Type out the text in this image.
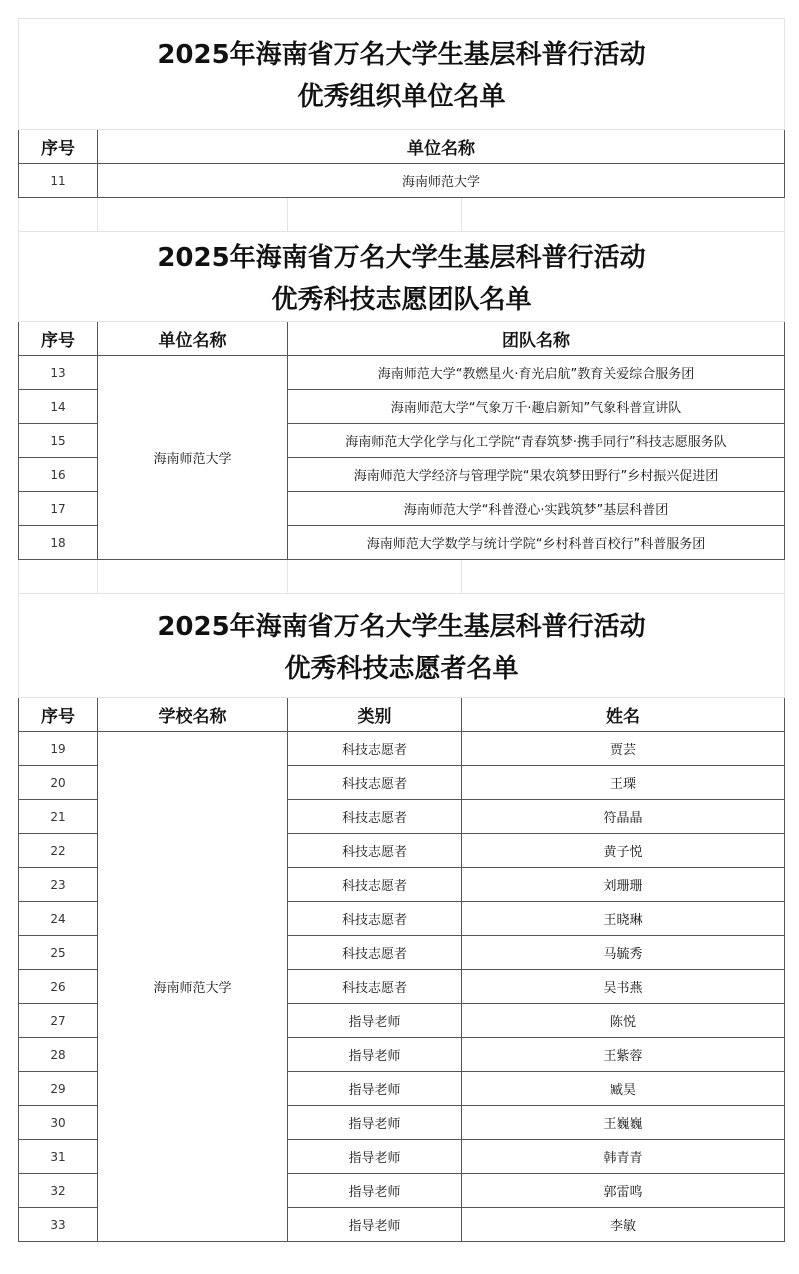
2025年海南省万名大学生基层科普行活动
优秀组织单位名单			

序号	单位名称		
11	海南师范大学		

2025年海南省万名大学生基层科普行活动
优秀科技志愿团队名单			

序号	单位名称	团队名称	
13	海南师范大学	海南师范大学“教燃星火·育光启航”教育关爱综合服务团	
14		海南师范大学“气象万千·趣启新知”气象科普宣讲队	
15		海南师范大学化学与化工学院“青春筑梦·携手同行”科技志愿服务队	
16		海南师范大学经济与管理学院“果农筑梦田野行”乡村振兴促进团	
17		海南师范大学“科普澄心·实践筑梦”基层科普团	
18		海南师范大学数学与统计学院“乡村科普百校行”科普服务团	

2025年海南省万名大学生基层科普行活动
优秀科技志愿者名单			

序号	学校名称	类别	姓名
19	海南师范大学	科技志愿者	贾芸
20		科技志愿者	王瑮
21		科技志愿者	符晶晶
22		科技志愿者	黄子悦
23		科技志愿者	刘珊珊
24		科技志愿者	王晓琳
25		科技志愿者	马毓秀
26		科技志愿者	吴书燕
27		指导老师	陈悦
28		指导老师	王紫蓉
29		指导老师	臧昊
30		指导老师	王巍巍
31		指导老师	韩青青
32		指导老师	郭雷鸣
33		指导老师	李敏
